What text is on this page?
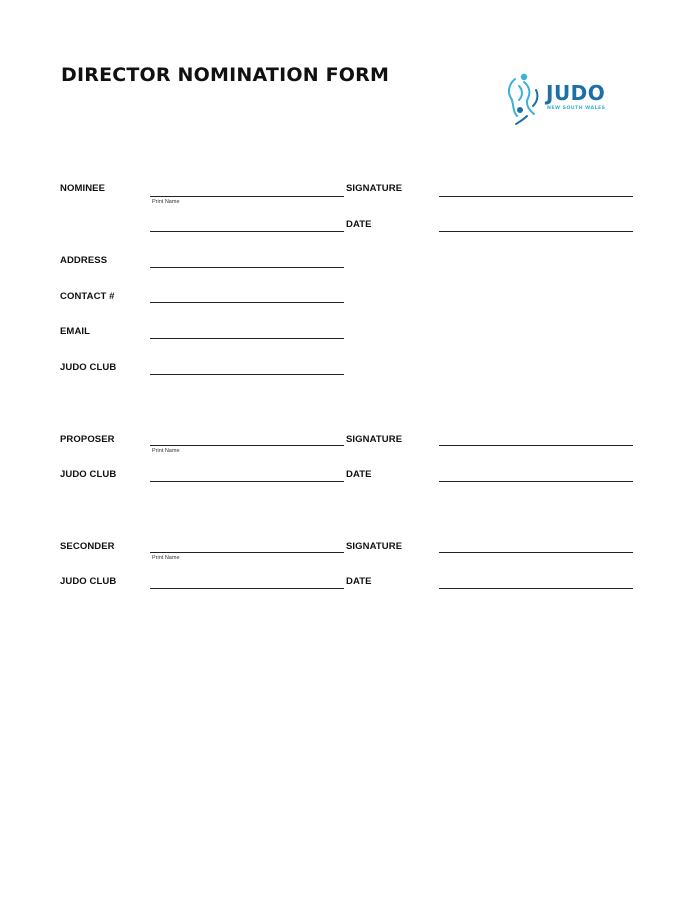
DIRECTOR NOMINATION FORM
JUDO
NEW SOUTH WALES
NOMINEE
Print Name
SIGNATURE
DATE
ADDRESS
CONTACT #
EMAIL
JUDO CLUB
PROPOSER
Print Name
SIGNATURE
JUDO CLUB	DATE
SECONDER
Print Name
SIGNATURE
JUDO CLUB	DATE
